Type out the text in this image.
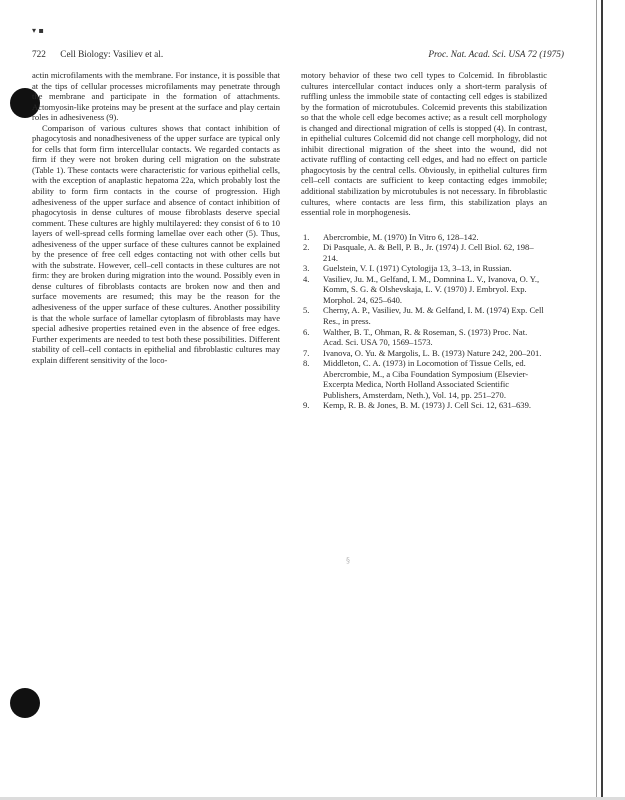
▾ ▪
722 Cell Biology: Vasiliev et al.	Proc. Nat. Acad. Sci. USA 72 (1975)

actin microfilaments with the membrane. For instance, it is possible that at the tips of cellular processes microfilaments may penetrate through the membrane and participate in the formation of attachments. Actomyosin-like proteins may be present at the surface and play certain roles in adhesiveness (9).

Comparison of various cultures shows that contact inhibition of phagocytosis and nonadhesiveness of the upper surface are typical only for cells that form firm intercellular contacts. We regarded contacts as firm if they were not broken during cell migration on the substrate (Table 1). These contacts were characteristic for various epithelial cells, with the exception of anaplastic hepatoma 22a, which probably lost the ability to form firm contacts in the course of progression. High adhesiveness of the upper surface and absence of contact inhibition of phagocytosis in dense cultures of mouse fibroblasts deserve special comment. These cultures are highly multilayered: they consist of 6 to 10 layers of well-spread cells forming lamellae over each other (5). Thus, adhesiveness of the upper surface of these cultures cannot be explained by the presence of free cell edges contacting not with other cells but with the substrate. However, cell–cell contacts in these cultures are not firm: they are broken during migration into the wound. Possibly even in dense cultures of fibroblasts contacts are broken now and then and surface movements are resumed; this may be the reason for the adhesiveness of the upper surface of these cultures. Another possibility is that the whole surface of lamellar cytoplasm of fibroblasts may have special adhesive properties retained even in the absence of free edges. Further experiments are needed to test both these possibilities. Different stability of cell–cell contacts in epithelial and fibroblastic cultures may explain different sensitivity of the loco-

motory behavior of these two cell types to Colcemid. In fibroblastic cultures intercellular contact induces only a short-term paralysis of ruffling unless the immobile state of contacting cell edges is stabilized by the formation of microtubules. Colcemid prevents this stabilization so that the whole cell edge becomes active; as a result cell morphology is changed and directional migration of cells is stopped (4). In contrast, in epithelial cultures Colcemid did not change cell morphology, did not inhibit directional migration of the sheet into the wound, did not activate ruffling of contacting cell edges, and had no effect on particle phagocytosis by the central cells. Obviously, in epithelial cultures firm cell–cell contacts are sufficient to keep contacting edges immobile; additional stabilization by microtubules is not necessary. In fibroblastic cultures, where contacts are less firm, this stabilization plays an essential role in morphogenesis.

1. Abercrombie, M. (1970) In Vitro 6, 128–142.
2. Di Pasquale, A. & Bell, P. B., Jr. (1974) J. Cell Biol. 62, 198–214.
3. Guelstein, V. I. (1971) Cytologija 13, 3–13, in Russian.
4. Vasiliev, Ju. M., Gelfand, I. M., Domnina L. V., Ivanova, O. Y., Komm, S. G. & Olshevskaja, L. V. (1970) J. Embryol. Exp. Morphol. 24, 625–640.
5. Cherny, A. P., Vasiliev, Ju. M. & Gelfand, I. M. (1974) Exp. Cell Res., in press.
6. Walther, B. T., Ohman, R. & Roseman, S. (1973) Proc. Nat. Acad. Sci. USA 70, 1569–1573.
7. Ivanova, O. Yu. & Margolis, L. B. (1973) Nature 242, 200–201.
8. Middleton, C. A. (1973) in Locomotion of Tissue Cells, ed. Abercrombie, M., a Ciba Foundation Symposium (Elsevier-Excerpta Medica, North Holland Associated Scientific Publishers, Amsterdam, Neth.), Vol. 14, pp. 251–270.
9. Kemp, R. B. & Jones, B. M. (1973) J. Cell Sci. 12, 631–639.
§
